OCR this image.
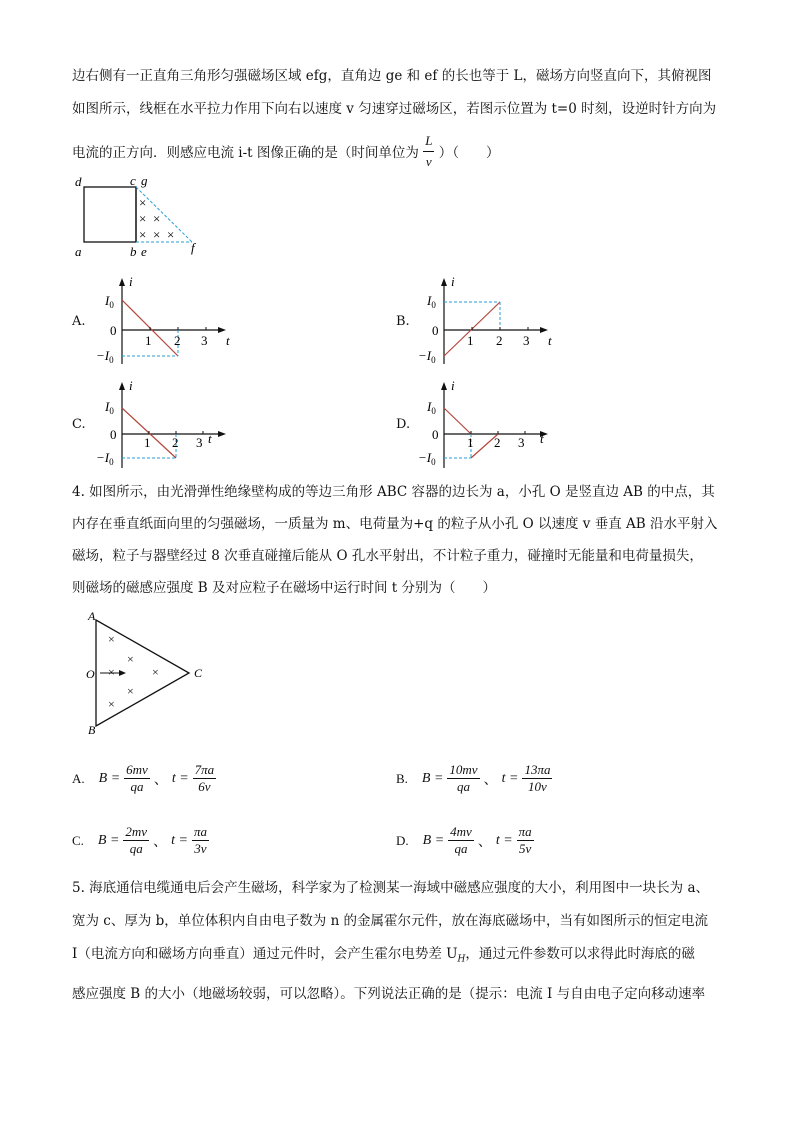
边右侧有一正直角三角形匀强磁场区域 efg，直角边 ge 和 ef 的长也等于 L，磁场方向竖直向下，其俯视图
如图所示，线框在水平拉力作用下向右以速度 v 匀速穿过磁场区，若图示位置为 t=0 时刻，设逆时针方向为
电流的正方向．则感应电流 i-t 图像正确的是（时间单位为 $\frac{L}{v}$ ）（　　）
d	c g
a	b e	f
×
× ×
× × ×
A.	B.
C.	D.
i
t
$I_0$
0
$-I_0$
1 2 3
i
t
$I_0$
0
$-I_0$
1 2 3
i
t
$I_0$
0
$-I_0$
1 2 3
i
t
$I_0$
0
$-I_0$
1 2 3
4. 如图所示，由光滑弹性绝缘壁构成的等边三角形 ABC 容器的边长为 a，小孔 O 是竖直边 AB 的中点，其
内存在垂直纸面向里的匀强磁场，一质量为 m、电荷量为+q 的粒子从小孔 O 以速度 v 垂直 AB 沿水平射入
磁场，粒子与器壁经过 8 次垂直碰撞后能从 O 孔水平射出，不计粒子重力，碰撞时无能量和电荷量损失，
则磁场的磁感应强度 B 及对应粒子在磁场中运行时间 t 分别为（　　）
A
B
C
O
×
×
×
×
×
×
A. $B = \frac{6mv}{qa}$ 、 $t = \frac{7\pi a}{6v}$	B. $B = \frac{10mv}{qa}$ 、 $t = \frac{13\pi a}{10v}$
C. $B = \frac{2mv}{qa}$ 、 $t = \frac{\pi a}{3v}$	D. $B = \frac{4mv}{qa}$ 、 $t = \frac{\pi a}{5v}$
5. 海底通信电缆通电后会产生磁场，科学家为了检测某一海域中磁感应强度的大小，利用图中一块长为 a、
宽为 c、厚为 b，单位体积内自由电子数为 n 的金属霍尔元件，放在海底磁场中，当有如图所示的恒定电流
I（电流方向和磁场方向垂直）通过元件时，会产生霍尔电势差 $U_H$，通过元件参数可以求得此时海底的磁
感应强度 B 的大小（地磁场较弱，可以忽略）。下列说法正确的是（提示：电流 I 与自由电子定向移动速率
